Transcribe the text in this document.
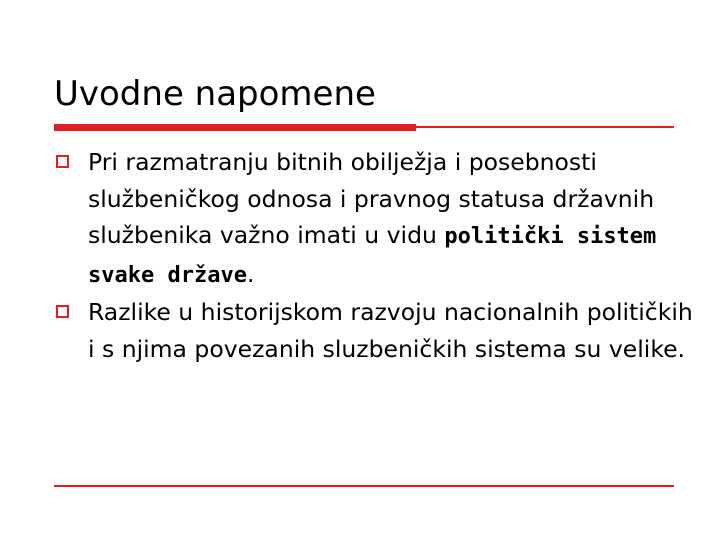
Uvodne napomene
Pri razmatranju bitnih obilježja i posebnosti službeničkog odnosa i pravnog statusa državnih službenika važno imati u vidu politički sistem svake države.
Razlike u historijskom razvoju nacionalnih političkih i s njima povezanih sluzbeničkih sistema su velike.
